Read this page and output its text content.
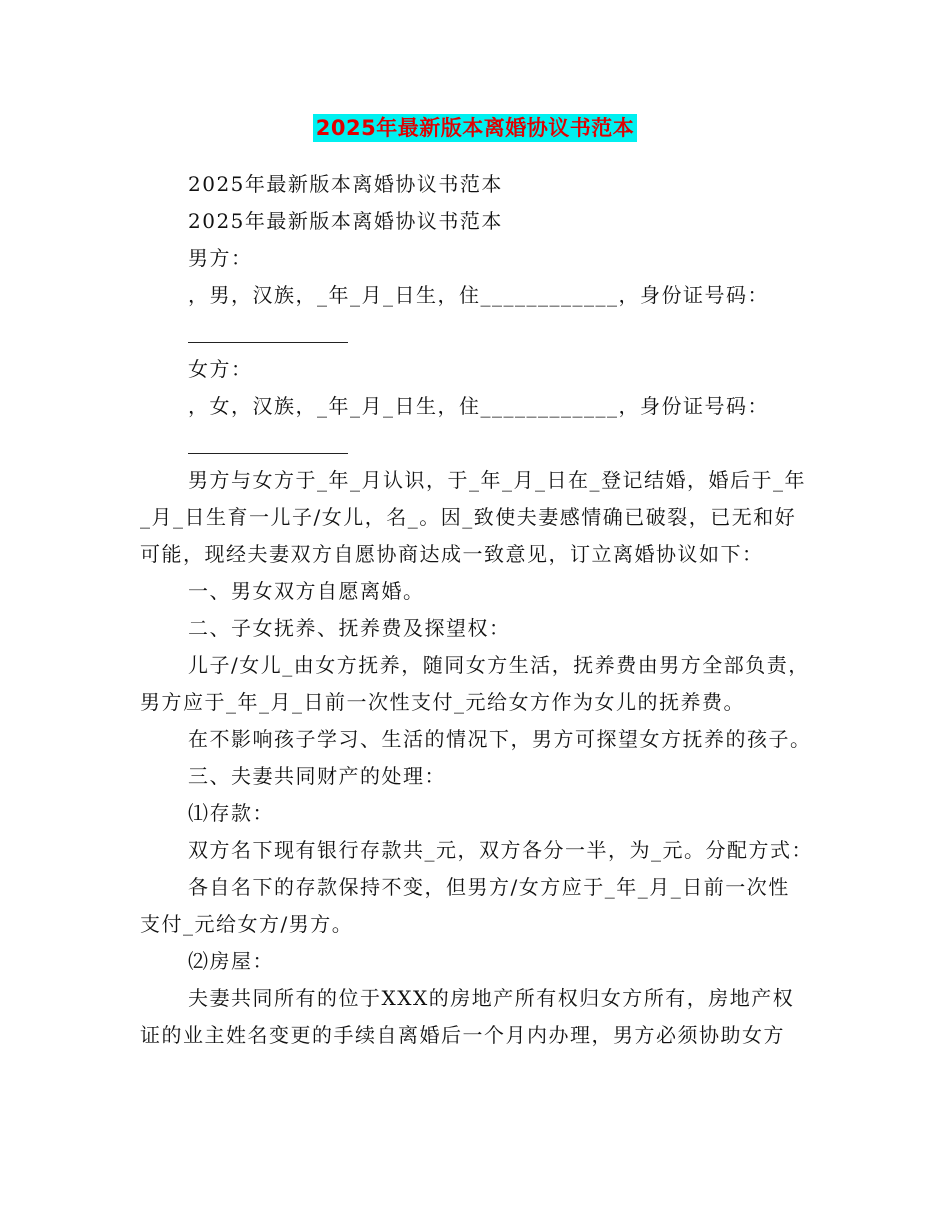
2025年最新版本离婚协议书范本
2025年最新版本离婚协议书范本
2025年最新版本离婚协议书范本
男方：
，男，汉族，_年_月_日生，住____________，身份证号码：
女方：
，女，汉族，_年_月_日生，住____________，身份证号码：
男方与女方于_年_月认识，于_年_月_日在_登记结婚，婚后于_年
_月_日生育一儿子/女儿，名_。因_致使夫妻感情确已破裂，已无和好
可能，现经夫妻双方自愿协商达成一致意见，订立离婚协议如下：
一、男女双方自愿离婚。
二、子女抚养、抚养费及探望权：
儿子/女儿_由女方抚养，随同女方生活，抚养费由男方全部负责，
男方应于_年_月_日前一次性支付_元给女方作为女儿的抚养费。
在不影响孩子学习、生活的情况下，男方可探望女方抚养的孩子。
三、夫妻共同财产的处理：
⑴存款：
双方名下现有银行存款共_元，双方各分一半，为_元。分配方式：
各自名下的存款保持不变，但男方/女方应于_年_月_日前一次性
支付_元给女方/男方。
⑵房屋：
夫妻共同所有的位于XXX的房地产所有权归女方所有，房地产权
证的业主姓名变更的手续自离婚后一个月内办理，男方必须协助女方
